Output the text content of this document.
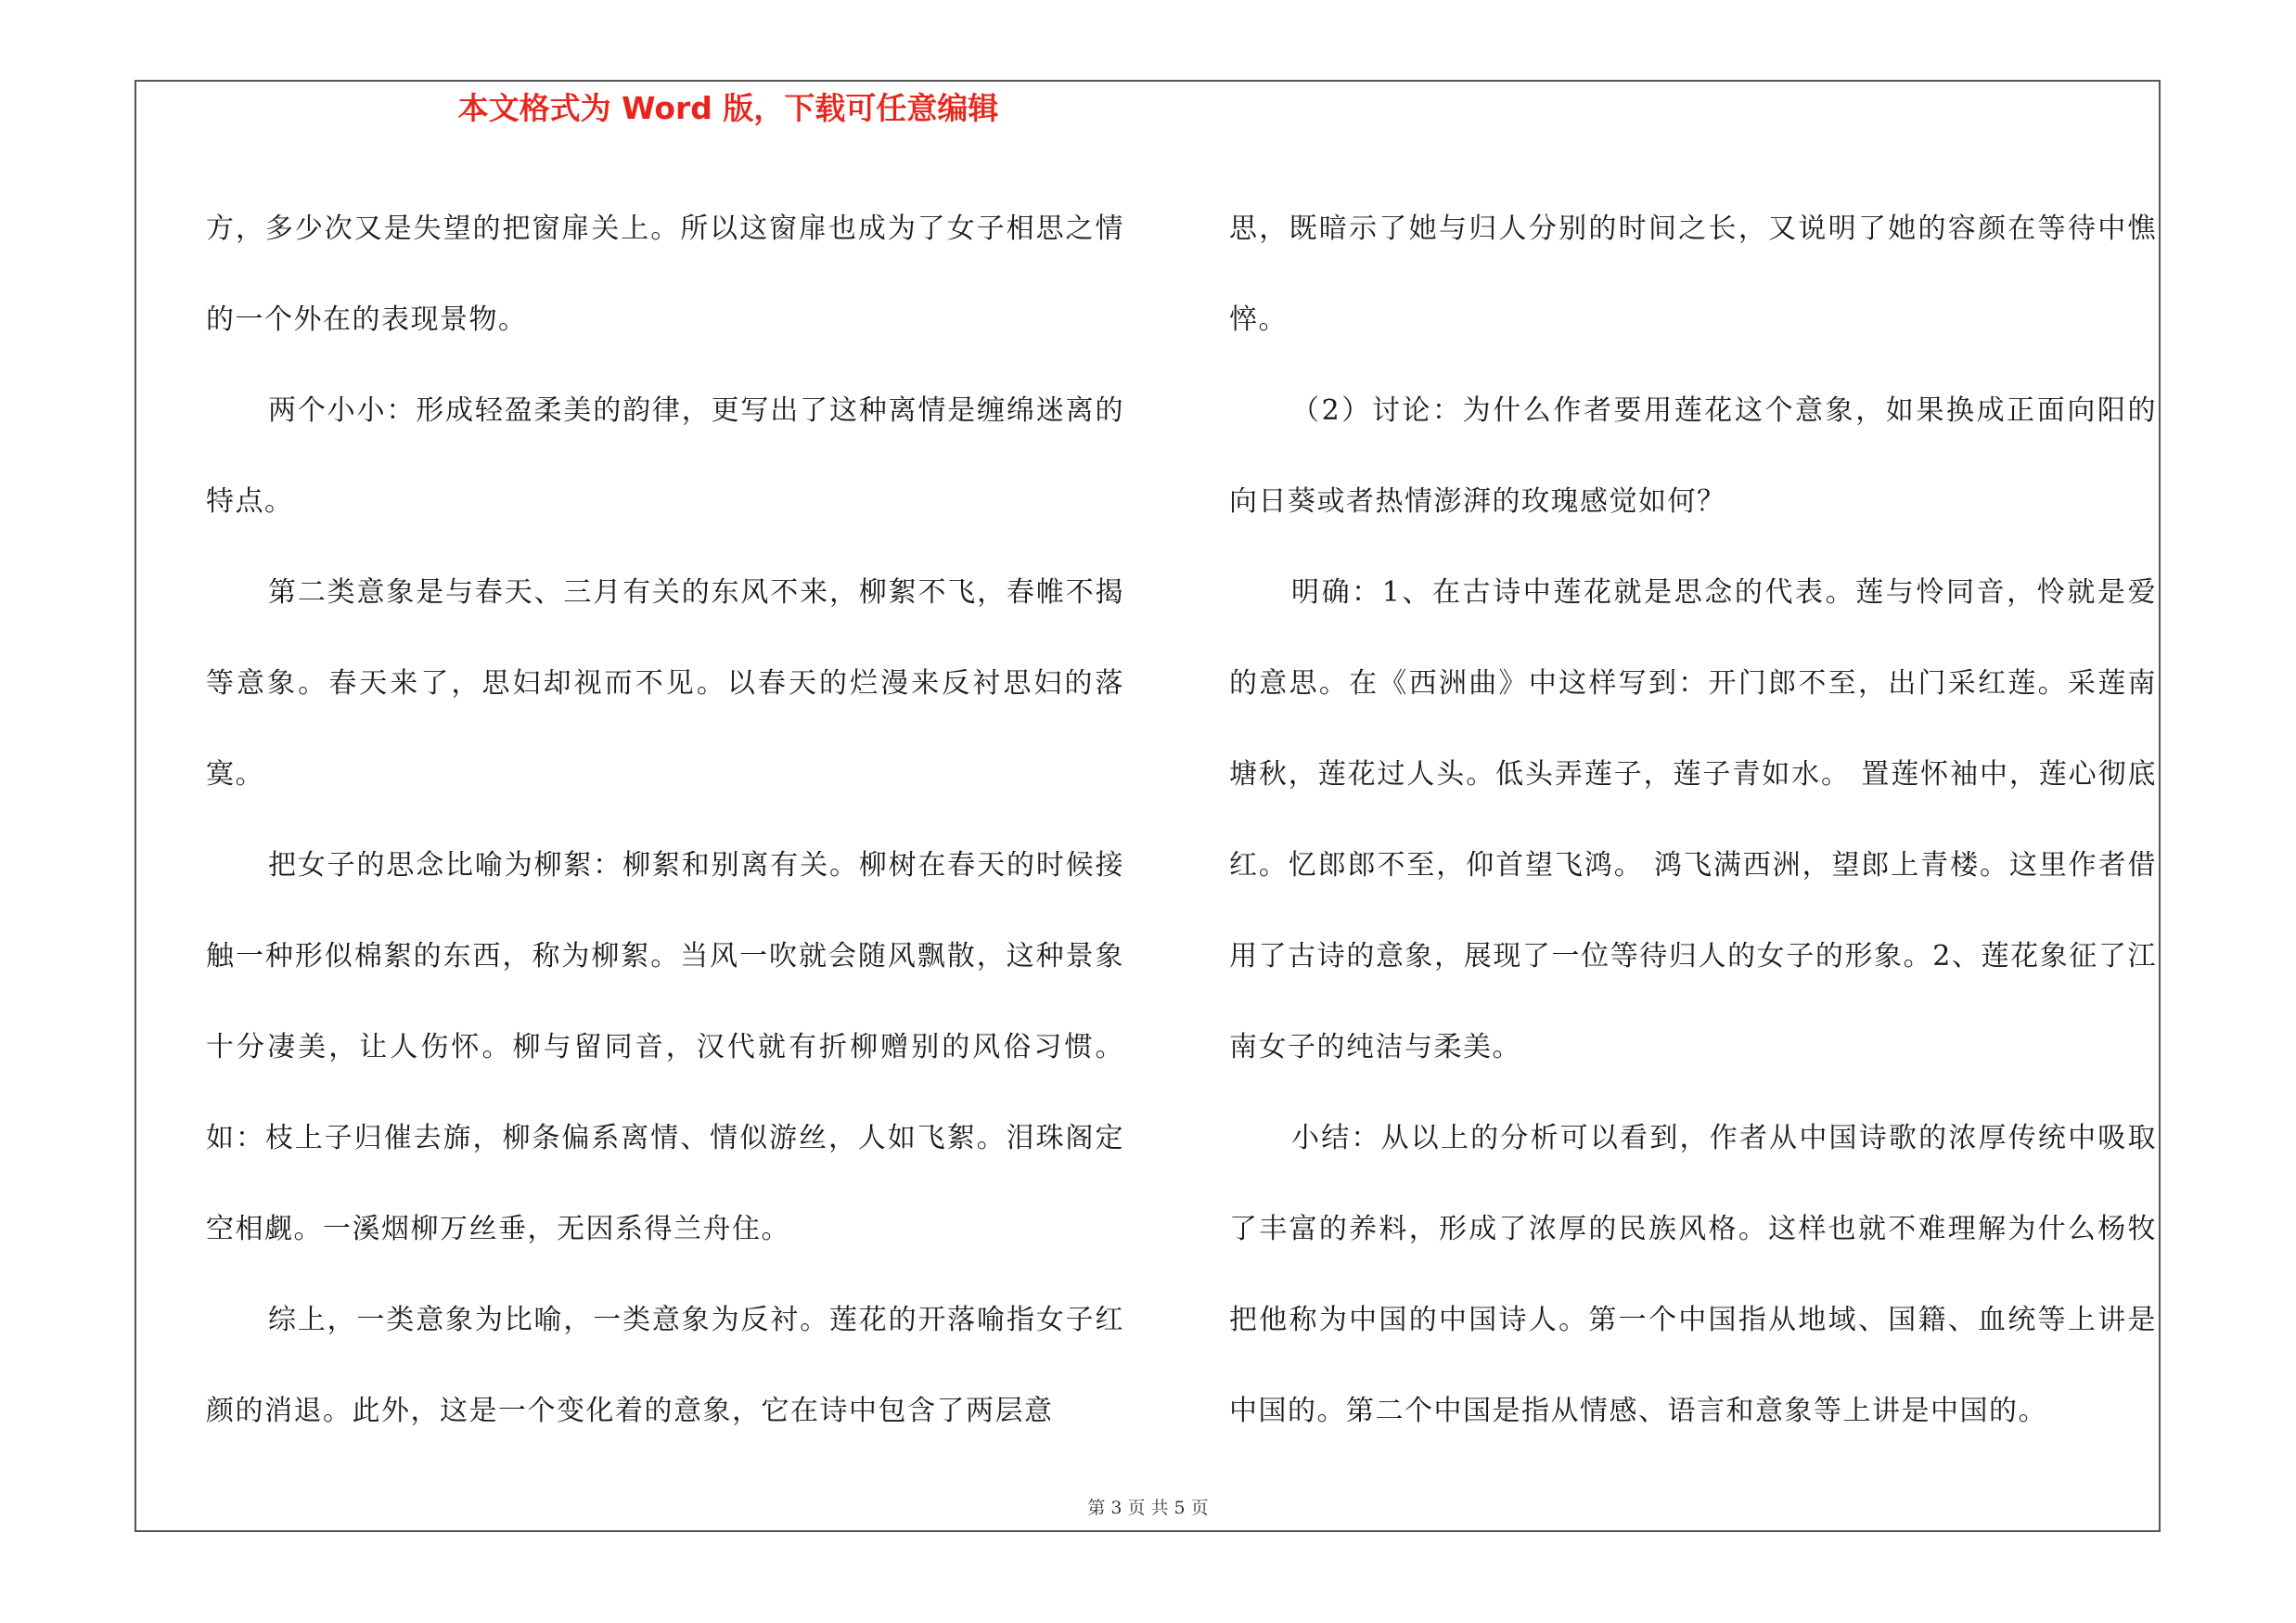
本文格式为 Word 版，下载可任意编辑

方，多少次又是失望的把窗扉关上。所以这窗扉也成为了女子相思之情的一个外在的表现景物。

两个小小：形成轻盈柔美的韵律，更写出了这种离情是缠绵迷离的特点。

第二类意象是与春天、三月有关的东风不来，柳絮不飞，春帷不揭等意象。春天来了，思妇却视而不见。以春天的烂漫来反衬思妇的落寞。

把女子的思念比喻为柳絮：柳絮和别离有关。柳树在春天的时候接触一种形似棉絮的东西，称为柳絮。当风一吹就会随风飘散，这种景象十分凄美，让人伤怀。柳与留同音，汉代就有折柳赠别的风俗习惯。如：枝上子归催去旆，柳条偏系离情、情似游丝，人如飞絮。泪珠阁定空相觑。一溪烟柳万丝垂，无因系得兰舟住。

综上，一类意象为比喻，一类意象为反衬。莲花的开落喻指女子红颜的消退。此外，这是一个变化着的意象，它在诗中包含了两层意

思，既暗示了她与归人分别的时间之长，又说明了她的容颜在等待中憔悴。

（2）讨论：为什么作者要用莲花这个意象，如果换成正面向阳的向日葵或者热情澎湃的玫瑰感觉如何？

明确：1、在古诗中莲花就是思念的代表。莲与怜同音，怜就是爱的意思。在《西洲曲》中这样写到：开门郎不至，出门采红莲。采莲南塘秋，莲花过人头。低头弄莲子，莲子青如水。 置莲怀袖中，莲心彻底红。忆郎郎不至，仰首望飞鸿。 鸿飞满西洲，望郎上青楼。这里作者借用了古诗的意象，展现了一位等待归人的女子的形象。2、莲花象征了江南女子的纯洁与柔美。

小结：从以上的分析可以看到，作者从中国诗歌的浓厚传统中吸取了丰富的养料，形成了浓厚的民族风格。这样也就不难理解为什么杨牧把他称为中国的中国诗人。第一个中国指从地域、国籍、血统等上讲是中国的。第二个中国是指从情感、语言和意象等上讲是中国的。

第 3 页 共 5 页
